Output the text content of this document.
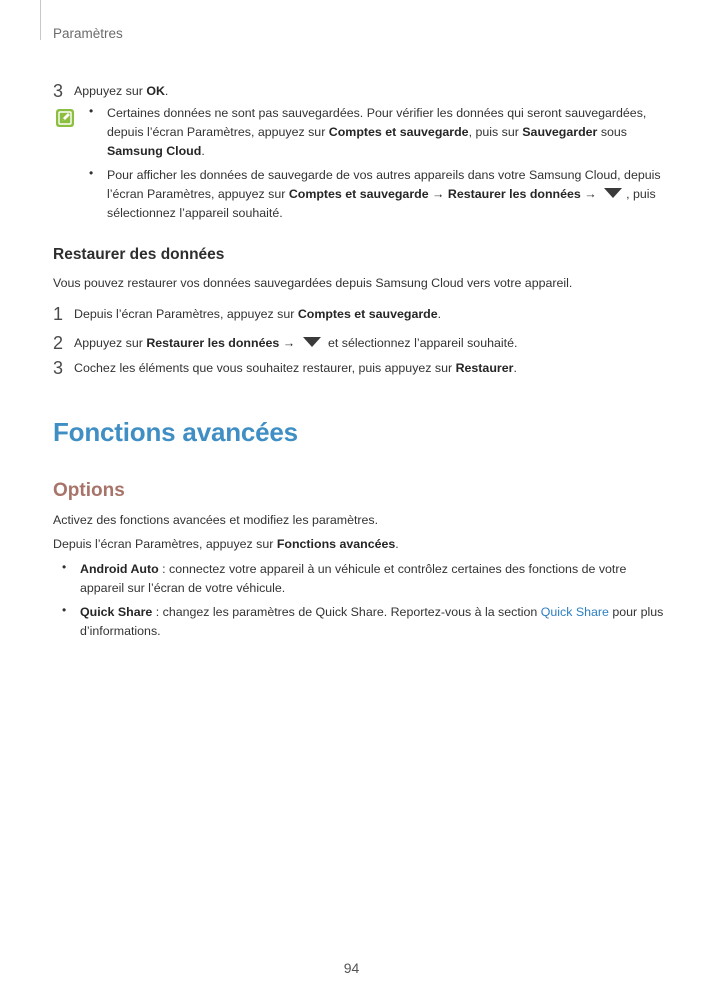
Paramètres
3 Appuyez sur OK.
• Certaines données ne sont pas sauvegardées. Pour vérifier les données qui seront sauvegardées,
depuis l’écran Paramètres, appuyez sur Comptes et sauvegarde, puis sur Sauvegarder sous
Samsung Cloud.
• Pour afficher les données de sauvegarde de vos autres appareils dans votre Samsung Cloud, depuis
l’écran Paramètres, appuyez sur Comptes et sauvegarde → Restaurer les données → , puis
sélectionnez l’appareil souhaité.
Restaurer des données
Vous pouvez restaurer vos données sauvegardées depuis Samsung Cloud vers votre appareil.
1 Depuis l’écran Paramètres, appuyez sur Comptes et sauvegarde.
2 Appuyez sur Restaurer les données →  et sélectionnez l’appareil souhaité.
3 Cochez les éléments que vous souhaitez restaurer, puis appuyez sur Restaurer.
Fonctions avancées
Options
Activez des fonctions avancées et modifiez les paramètres.
Depuis l’écran Paramètres, appuyez sur Fonctions avancées.
• Android Auto : connectez votre appareil à un véhicule et contrôlez certaines des fonctions de votre
appareil sur l’écran de votre véhicule.
• Quick Share : changez les paramètres de Quick Share. Reportez-vous à la section Quick Share pour plus
d’informations.
94
